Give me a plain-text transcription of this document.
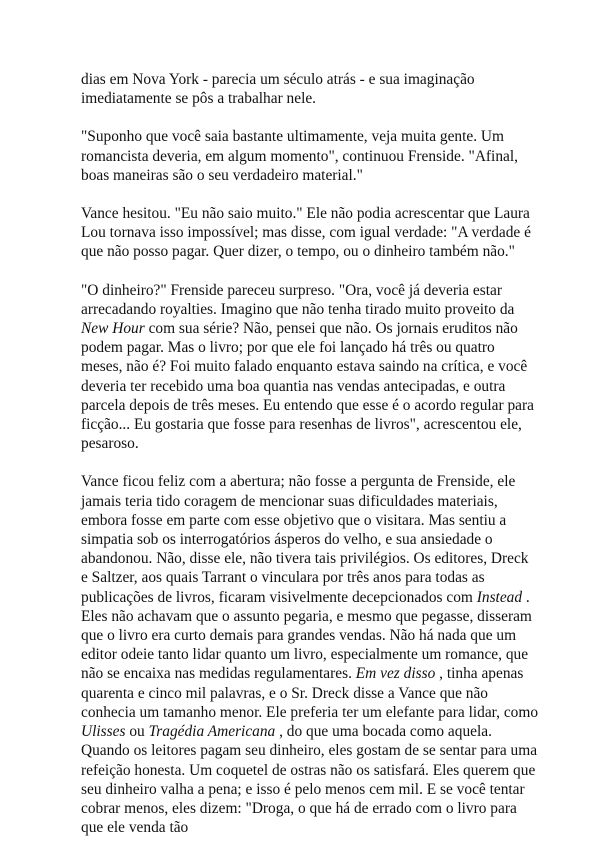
dias em Nova York - parecia um século atrás - e sua imaginação imediatamente se pôs a trabalhar nele.

"Suponho que você saia bastante ultimamente, veja muita gente. Um romancista deveria, em algum momento", continuou Frenside. "Afinal, boas maneiras são o seu verdadeiro material."

Vance hesitou. "Eu não saio muito." Ele não podia acrescentar que Laura Lou tornava isso impossível; mas disse, com igual verdade: "A verdade é que não posso pagar. Quer dizer, o tempo, ou o dinheiro também não."

"O dinheiro?" Frenside pareceu surpreso. "Ora, você já deveria estar arrecadando royalties. Imagino que não tenha tirado muito proveito da New Hour com sua série? Não, pensei que não. Os jornais eruditos não podem pagar. Mas o livro; por que ele foi lançado há três ou quatro meses, não é? Foi muito falado enquanto estava saindo na crítica, e você deveria ter recebido uma boa quantia nas vendas antecipadas, e outra parcela depois de três meses. Eu entendo que esse é o acordo regular para ficção... Eu gostaria que fosse para resenhas de livros", acrescentou ele, pesaroso.

Vance ficou feliz com a abertura; não fosse a pergunta de Frenside, ele jamais teria tido coragem de mencionar suas dificuldades materiais, embora fosse em parte com esse objetivo que o visitara. Mas sentiu a simpatia sob os interrogatórios ásperos do velho, e sua ansiedade o abandonou. Não, disse ele, não tivera tais privilégios. Os editores, Dreck e Saltzer, aos quais Tarrant o vinculara por três anos para todas as publicações de livros, ficaram visivelmente decepcionados com Instead . Eles não achavam que o assunto pegaria, e mesmo que pegasse, disseram que o livro era curto demais para grandes vendas. Não há nada que um editor odeie tanto lidar quanto um livro, especialmente um romance, que não se encaixa nas medidas regulamentares. Em vez disso , tinha apenas quarenta e cinco mil palavras, e o Sr. Dreck disse a Vance que não conhecia um tamanho menor. Ele preferia ter um elefante para lidar, como Ulisses ou Tragédia Americana , do que uma bocada como aquela. Quando os leitores pagam seu dinheiro, eles gostam de se sentar para uma refeição honesta. Um coquetel de ostras não os satisfará. Eles querem que seu dinheiro valha a pena; e isso é pelo menos cem mil. E se você tentar cobrar menos, eles dizem: "Droga, o que há de errado com o livro para que ele venda tão
